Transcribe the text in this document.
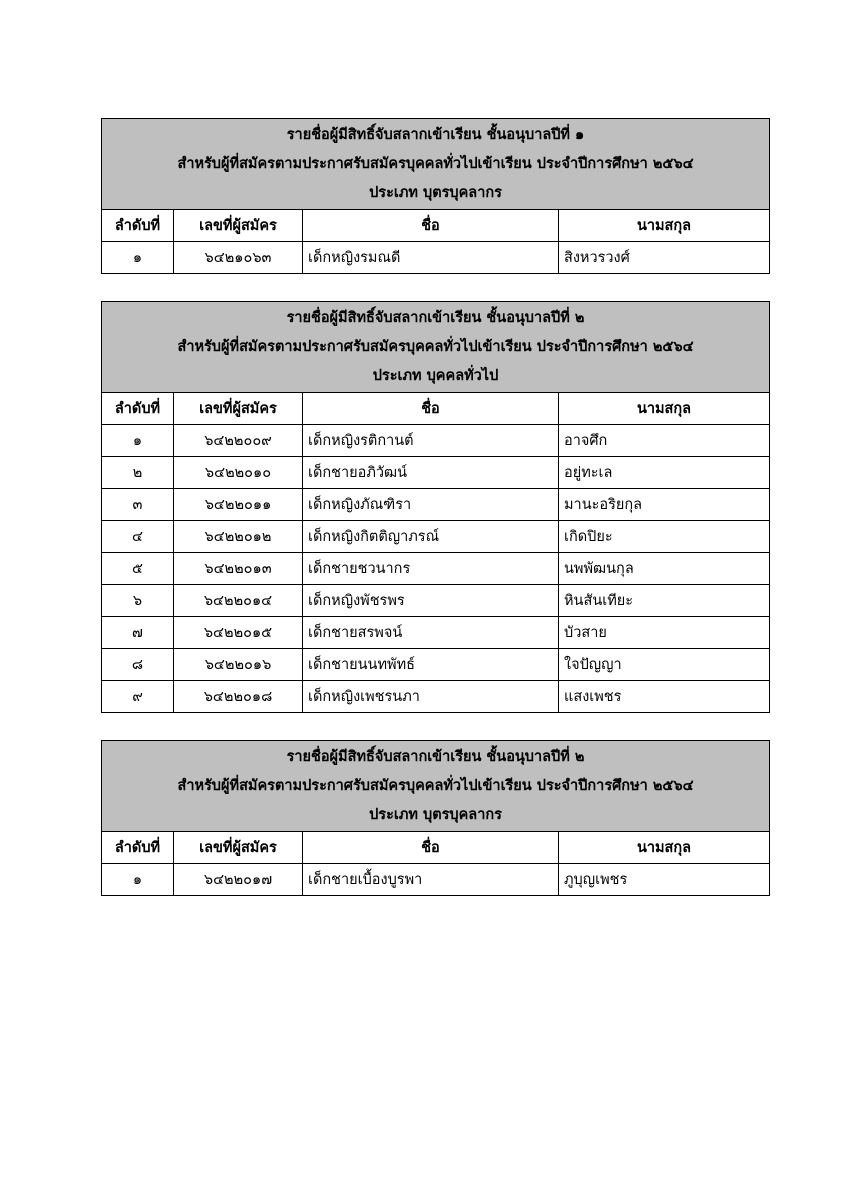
รายชื่อผู้มีสิทธิ์จับสลากเข้าเรียน ชั้นอนุบาลปีที่ ๑
สำหรับผู้ที่สมัครตามประกาศรับสมัครบุคคลทั่วไปเข้าเรียน ประจำปีการศึกษา ๒๕๖๔
ประเภท บุตรบุคลากร			

ลำดับที่	เลขที่ผู้สมัคร	ชื่อ	นามสกุล
๑	๖๔๒๑๐๖๓	เด็กหญิงรมณดี	สิงหวรวงศ์
รายชื่อผู้มีสิทธิ์จับสลากเข้าเรียน ชั้นอนุบาลปีที่ ๒
สำหรับผู้ที่สมัครตามประกาศรับสมัครบุคคลทั่วไปเข้าเรียน ประจำปีการศึกษา ๒๕๖๔
ประเภท บุคคลทั่วไป			

ลำดับที่	เลขที่ผู้สมัคร	ชื่อ	นามสกุล
๑	๖๔๒๒๐๐๙	เด็กหญิงรติกานต์	อาจศึก
๒	๖๔๒๒๐๑๐	เด็กชายอภิวัฒน์	อยู่ทะเล
๓	๖๔๒๒๐๑๑	เด็กหญิงภัณฑิรา	มานะอริยกุล
๔	๖๔๒๒๐๑๒	เด็กหญิงกิตติญาภรณ์	เกิดปิยะ
๕	๖๔๒๒๐๑๓	เด็กชายชวนากร	นพพัฒนกุล
๖	๖๔๒๒๐๑๔	เด็กหญิงพัชรพร	หินสันเทียะ
๗	๖๔๒๒๐๑๕	เด็กชายสรพจน์	บัวสาย
๘	๖๔๒๒๐๑๖	เด็กชายนนทพัทธ์	ใจปัญญา
๙	๖๔๒๒๐๑๘	เด็กหญิงเพชรนภา	แสงเพชร
รายชื่อผู้มีสิทธิ์จับสลากเข้าเรียน ชั้นอนุบาลปีที่ ๒
สำหรับผู้ที่สมัครตามประกาศรับสมัครบุคคลทั่วไปเข้าเรียน ประจำปีการศึกษา ๒๕๖๔
ประเภท บุตรบุคลากร			

ลำดับที่	เลขที่ผู้สมัคร	ชื่อ	นามสกุล
๑	๖๔๒๒๐๑๗	เด็กชายเบื้องบูรพา	ภูบุญเพชร
